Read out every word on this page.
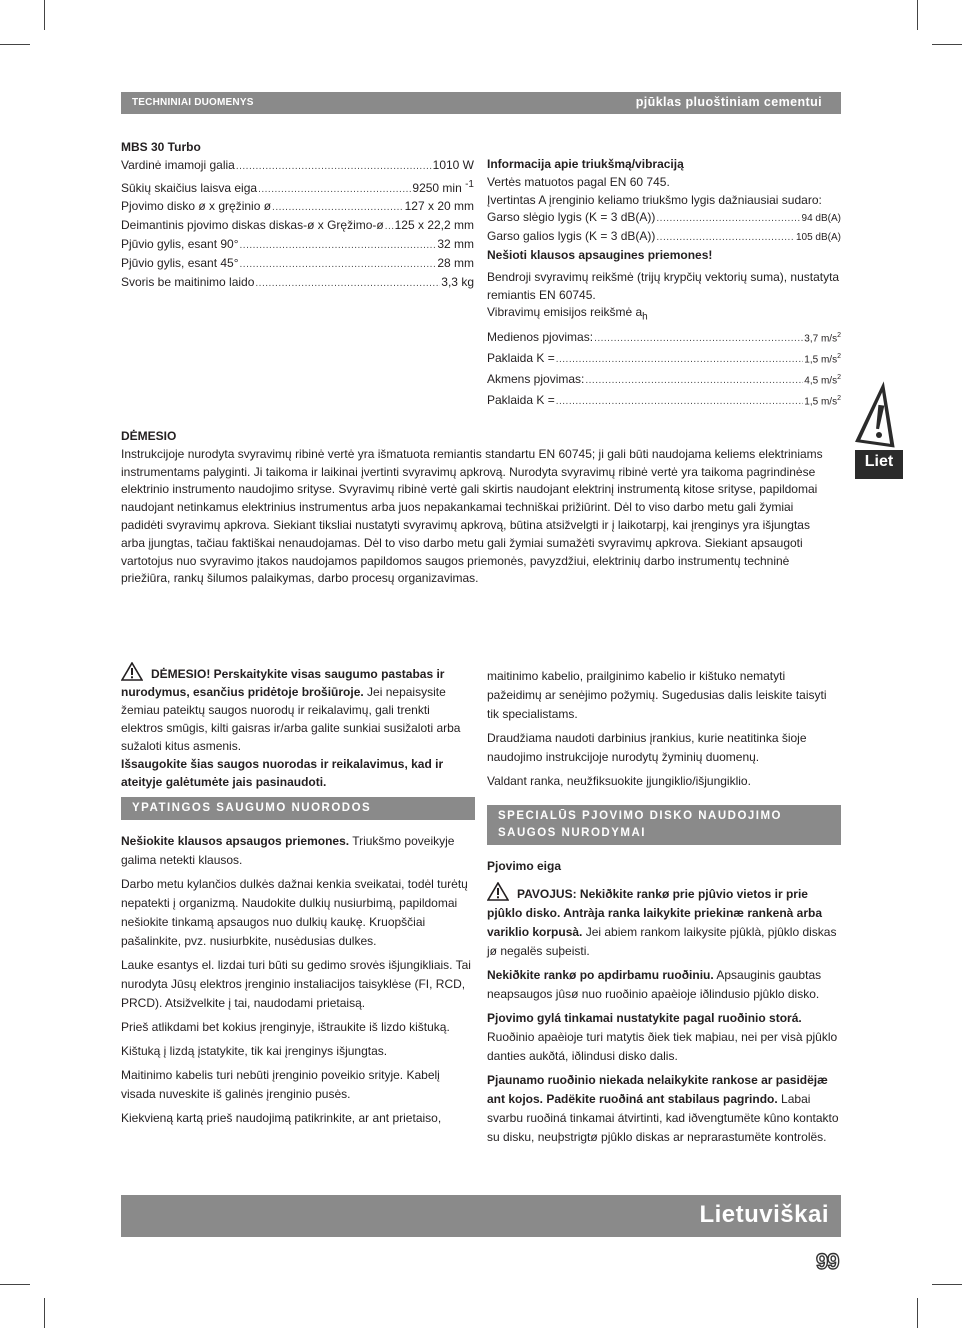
TECHNINIAI DUOMENYS	pjūklas pluoštiniam cementui
MBS 30 Turbo
Vardinė imamoji galia .....	1010 W
Sūkių skaičius laisva eiga .....	9250 min $^{-1}$
Pjovimo disko ø x gręžinio ø .....	127 x 20 mm
Deimantinis pjovimo diskas diskas-ø x Gręžimo-ø ..... 125 x 22,2 mm
Pjūvio gylis, esant 90° .....	32 mm
Pjūvio gylis, esant 45° .....	28 mm
Svoris be maitinimo laido .....	3,3 kg
Informacija apie triukšmą/vibraciją
Vertės matuotos pagal EN 60 745.
Įvertintas A įrenginio keliamo triukšmo lygis dažniausiai sudaro:
Garso slėgio lygis (K = 3 dB(A)) .....	94 dB(A)
Garso galios lygis (K = 3 dB(A)) .....	105 dB(A)
Nešioti klausos apsaugines priemones!
Bendroji svyravimų reikšmė (trijų krypčių vektorių suma), nustatyta remiantis EN 60745.
Vibravimų emisijos reikšmė $a_h$
Medienos pjovimas: .....	3,7 $m/s^2$
Paklaida K = .....	1,5 $m/s^2$
Akmens pjovimas: .....	4,5 $m/s^2$
Paklaida K = .....	1,5 $m/s^2$
Liet
DĖMESIO
Instrukcijoje nurodyta svyravimų ribinė vertė yra išmatuota remiantis standartu EN 60745; ji gali būti naudojama keliems elektriniams instrumentams palyginti. Ji taikoma ir laikinai įvertinti svyravimų apkrovą. Nurodyta svyravimų ribinė vertė yra taikoma pagrindinėse elektrinio instrumento naudojimo srityse. Svyravimų ribinė vertė gali skirtis naudojant elektrinį instrumentą kitose srityse, papildomai naudojant netinkamus elektrinius instrumentus arba juos nepakankamai techniškai prižiūrint. Dėl to viso darbo metu gali žymiai padidėti svyravimų apkrova. Siekiant tiksliai nustatyti svyravimų apkrovą, būtina atsižvelgti ir į laikotarpį, kai įrenginys yra išjungtas arba įjungtas, tačiau faktiškai nenaudojamas. Dėl to viso darbo metu gali žymiai sumažėti svyravimų apkrova. Siekiant apsaugoti vartotojus nuo svyravimo įtakos naudojamos papildomos saugos priemonės, pavyzdžiui, elektrinių darbo instrumentų techninė priežiūra, rankų šilumos palaikymas, darbo procesų organizavimas.

DĖMESIO! Perskaitykite visas saugumo pastabas ir nurodymus, esančius pridėtoje brošiūroje. Jei nepaisysite žemiau pateiktų saugos nuorodų ir reikalavimų, gali trenkti elektros smūgis, kilti gaisras ir/arba galite sunkiai susižaloti arba sužaloti kitus asmenis.

Išsaugokite šias saugos nuorodas ir reikalavimus, kad ir ateityje galėtumėte jais pasinaudoti.

YPATINGOS SAUGUMO NUORODOS

Nešiokite klausos apsaugos priemones. Triukšmo poveikyje galima netekti klausos.

Darbo metu kylančios dulkės dažnai kenkia sveikatai, todėl turėtų nepatekti į organizmą. Naudokite dulkių nusiurbimą, papildomai nešiokite tinkamą apsaugos nuo dulkių kaukę. Kruopščiai pašalinkite, pvz. nusiurbkite, nusėdusias dulkes.

Lauke esantys el. lizdai turi būti su gedimo srovės išjungikliais. Tai nurodyta Jūsų elektros įrenginio instaliacijos taisyklėse (FI, RCD, PRCD). Atsižvelkite į tai, naudodami prietaisą.

Prieš atlikdami bet kokius įrenginyje, ištraukite iš lizdo kištuką.

Kištuką į lizdą įstatykite, tik kai įrenginys išjungtas.

Maitinimo kabelis turi nebūti įrenginio poveikio srityje. Kabelį visada nuveskite iš galinės įrenginio pusės.

Kiekvieną kartą prieš naudojimą patikrinkite, ar ant prietaiso,

maitinimo kabelio, prailginimo kabelio ir kištuko nematyti pažeidimų ar senėjimo požymių. Sugedusias dalis leiskite taisyti tik specialistams.

Draudžiama naudoti darbinius įrankius, kurie neatitinka šioje naudojimo instrukcijoje nurodytų žyminių duomenų.

Valdant ranka, neužfiksuokite įjungiklio/išjungiklio.

SPECIALŪS PJOVIMO DISKO NAUDOJIMO SAUGOS NURODYMAI

Pjovimo eiga

PAVOJUS: Nekiðkite rankø prie pjûvio vietos ir prie pjûklo disko. Antràja ranka laikykite priekinæ rankenà arba variklio korpusà. Jei abiem rankom laikysite pjûklà, pjûklo diskas jø negalës suþeisti.

Nekiðkite rankø po apdirbamu ruoðiniu. Apsauginis gaubtas neapsaugos jûsø nuo ruoðinio apaèioje iðlindusio pjûklo disko.

Pjovimo gylá tinkamai nustatykite pagal ruoðinio storá. Ruoðinio apaèioje turi matytis ðiek tiek maþiau, nei per visà pjûklo danties aukðtá, iðlindusi disko dalis.

Pjaunamo ruoðinio niekada nelaikykite rankose ar pasidëjæ ant kojos. Padëkite ruoðiná ant stabilaus pagrindo. Labai svarbu ruoðiná tinkamai átvirtinti, kad iðvengtumëte kûno kontakto su disku, neuþstrigtø pjûklo diskas ar neprarastumëte kontrolës.

Lietuviškai
99
